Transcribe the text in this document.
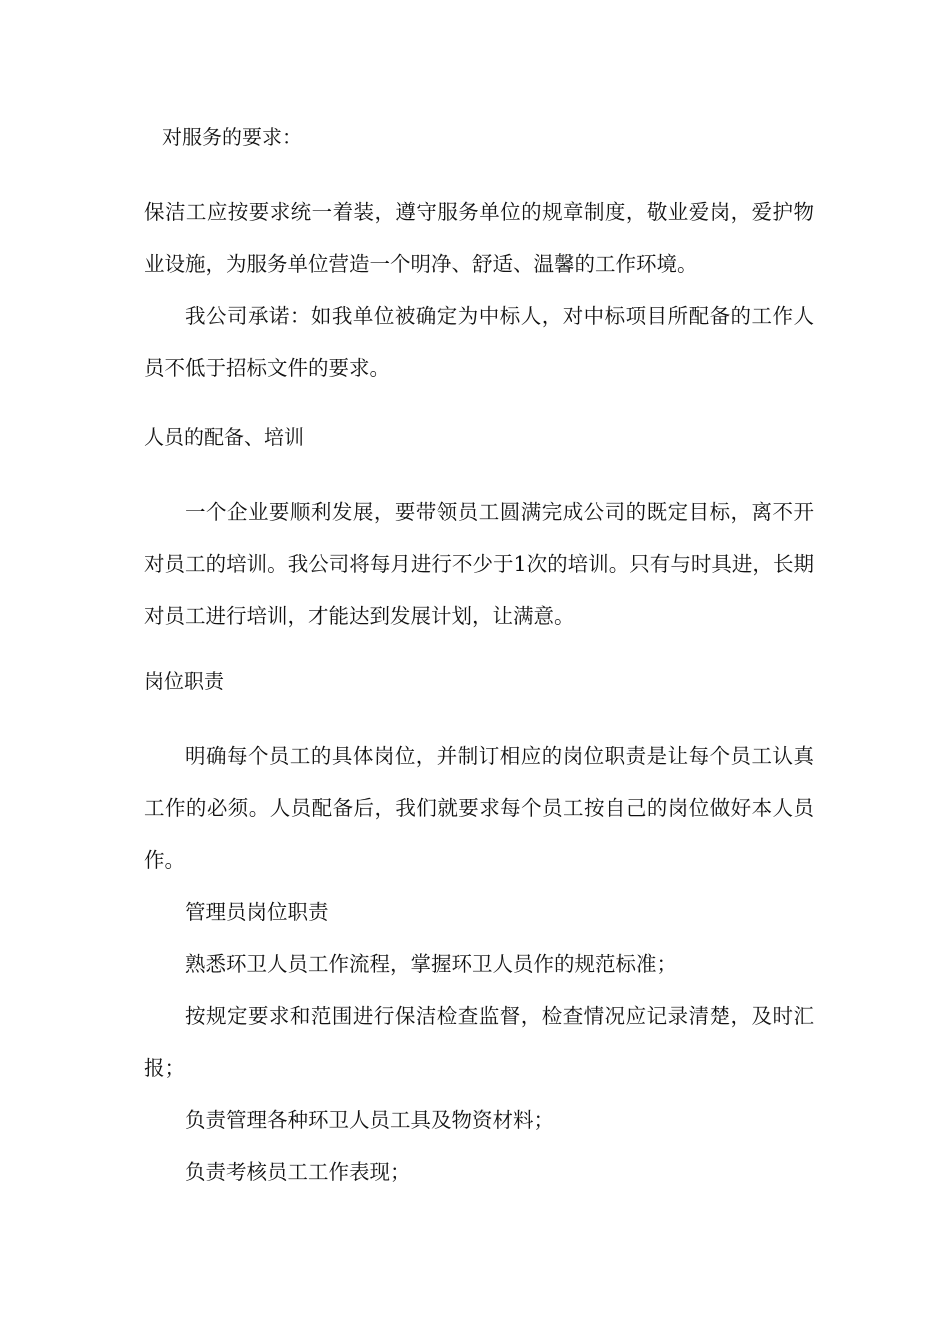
对服务的要求：

保洁工应按要求统一着装，遵守服务单位的规章制度，敬业爱岗，爱护物业设施，为服务单位营造一个明净、舒适、温馨的工作环境。

我公司承诺：如我单位被确定为中标人，对中标项目所配备的工作人员不低于招标文件的要求。

人员的配备、培训

一个企业要顺利发展，要带领员工圆满完成公司的既定目标，离不开对员工的培训。我公司将每月进行不少于1次的培训。只有与时具进，长期对员工进行培训，才能达到发展计划，让满意。

岗位职责

明确每个员工的具体岗位，并制订相应的岗位职责是让每个员工认真工作的必须。人员配备后，我们就要求每个员工按自己的岗位做好本人员作。

管理员岗位职责

熟悉环卫人员工作流程，掌握环卫人员作的规范标准；

按规定要求和范围进行保洁检查监督，检查情况应记录清楚，及时汇报；

负责管理各种环卫人员工具及物资材料；

负责考核员工工作表现；
